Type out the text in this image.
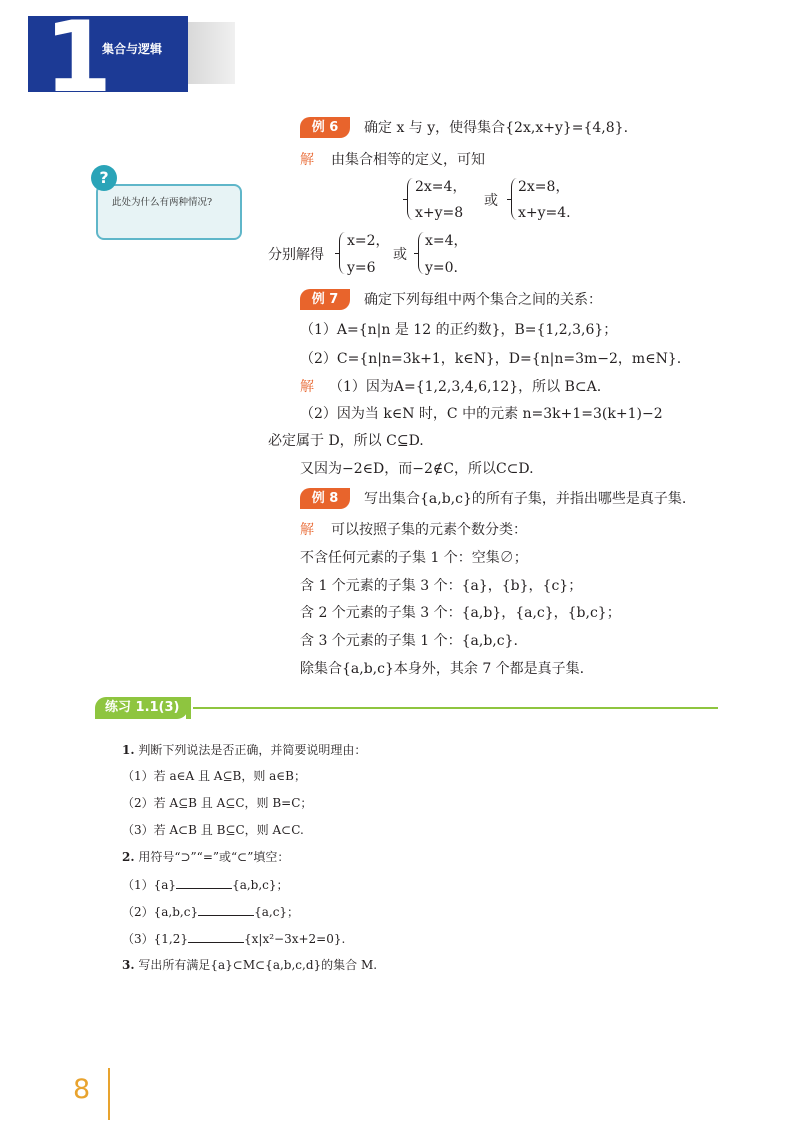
1
集合与逻辑
?
此处为什么有两种情况?
例 6	确定 x 与 y，使得集合{2x,x+y}={4,8}.
解 由集合相等的定义，可知
2x=4，
x+y=8
或
2x=8，
x+y=4.
分别解得
x=2，
y=6
或
x=4，
y=0.
例 7	确定下列每组中两个集合之间的关系：
（1）A={n|n 是 12 的正约数}，B={1,2,3,6}；
（2）C={n|n=3k+1，k∈N}，D={n|n=3m−2，m∈N}.
解 （1）因为A={1,2,3,4,6,12}，所以 B⊂A.
（2）因为当 k∈N 时，C 中的元素 n=3k+1=3(k+1)−2
必定属于 D，所以 C⊆D.
又因为−2∈D，而−2∉C，所以C⊂D.
例 8	写出集合{a,b,c}的所有子集，并指出哪些是真子集.
解 可以按照子集的元素个数分类：
不含任何元素的子集 1 个：空集∅；
含 1 个元素的子集 3 个：{a}，{b}，{c}；
含 2 个元素的子集 3 个：{a,b}，{a,c}，{b,c}；
含 3 个元素的子集 1 个：{a,b,c}.
除集合{a,b,c}本身外，其余 7 个都是真子集.
练习 1.1(3)
1. 判断下列说法是否正确，并简要说明理由：
（1）若 a∈A 且 A⊆B，则 a∈B；
（2）若 A⊆B 且 A⊆C，则 B=C；
（3）若 A⊂B 且 B⊆C，则 A⊂C.
2. 用符号“⊃”“=”或“⊂”填空：
（1）{a}	{a,b,c}；
（2）{a,b,c}	{a,c}；
（3）{1,2}	{x|x²−3x+2=0}.
3. 写出所有满足{a}⊂M⊂{a,b,c,d}的集合 M.
8
